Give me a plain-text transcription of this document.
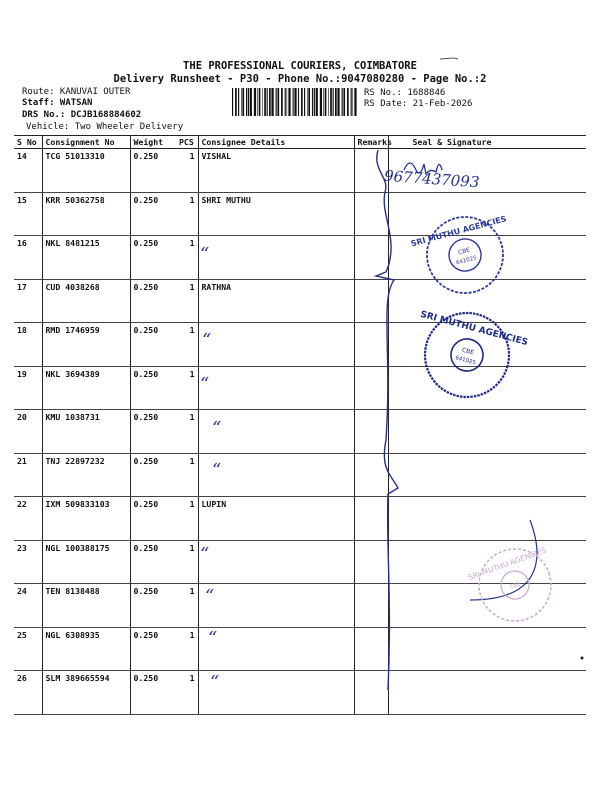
THE PROFESSIONAL COURIERS, COIMBATORE
Delivery Runsheet - P30 - Phone No.:9047080280 - Page No.:2
Route: KANUVAI OUTER
Staff: WATSAN
DRS No.: DCJB168884602
Vehicle: Two Wheeler Delivery
RS No.: 1688846
RS Date: 21-Feb-2026
S No	Consignment No	Weight	PCS	Consignee Details	Remarks	Seal & Signature
14	TCG 51013310	0.250	1	VISHAL		
15	KRR 50362758	0.250	1	SHRI MUTHU		
16	NKL 8481215	0.250	1			
17	CUD 4038268	0.250	1	RATHNA		
18	RMD 1746959	0.250	1			
19	NKL 3694389	0.250	1			
20	KMU 1038731	0.250	1			
21	TNJ 22897232	0.250	1			
22	IXM 509833103	0.250	1	LUPIN		
23	NGL 100388175	0.250	1			
24	TEN 8138488	0.250	1			
25	NGL 6308935	0.250	1			
26	SLM 389665594	0.250	1			
SRI MUTHU AGENCIES
CBE
641025
SRI MUTHU AGENCIES
CBE
641025
SRI MUTHU AGENCIES
CBE
9677437093
“
“
“
“
“
“
“
“
“
